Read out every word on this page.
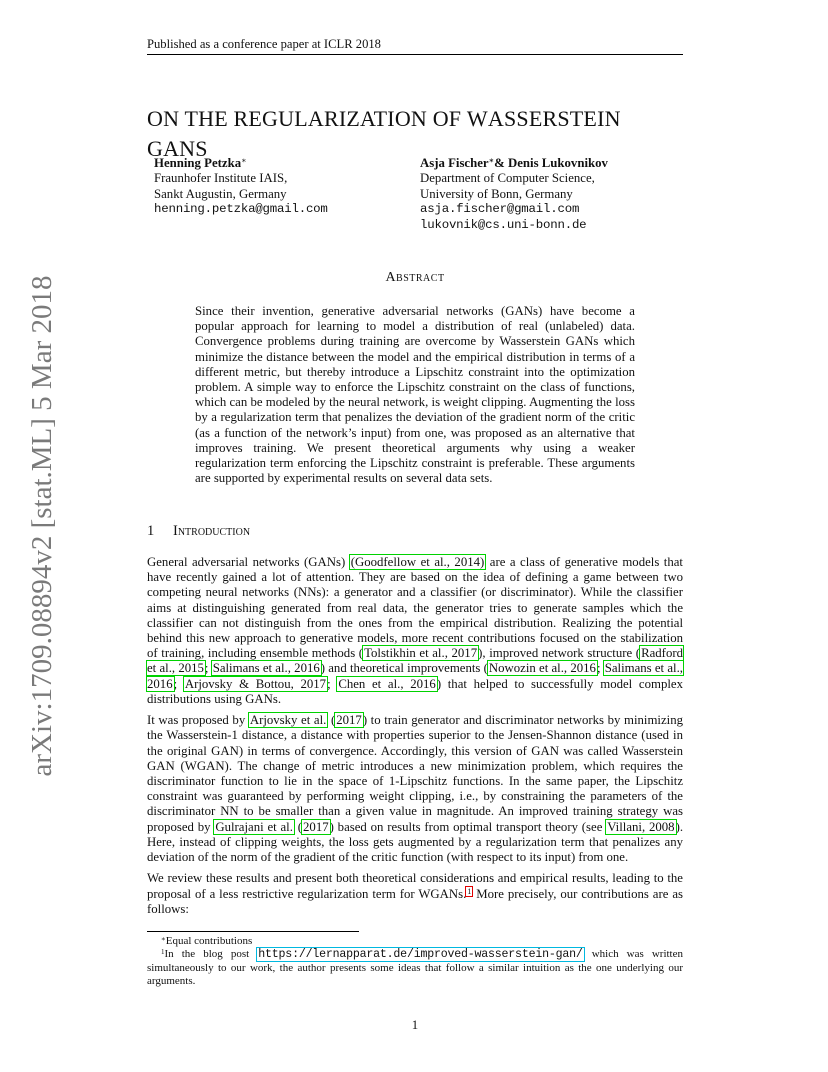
Published as a conference paper at ICLR 2018
arXiv:1709.08894v2 [stat.ML] 5 Mar 2018
ON THE REGULARIZATION OF WASSERSTEIN GANS
Henning Petzka∗
Fraunhofer Institute IAIS,
Sankt Augustin, Germany
henning.petzka@gmail.com
Asja Fischer∗& Denis Lukovnikov
Department of Computer Science,
University of Bonn, Germany
asja.fischer@gmail.com
lukovnik@cs.uni-bonn.de
Abstract
Since their invention, generative adversarial networks (GANs) have become a popular approach for learning to model a distribution of real (unlabeled) data. Convergence problems during training are overcome by Wasserstein GANs which minimize the distance between the model and the empirical distribution in terms of a different metric, but thereby introduce a Lipschitz constraint into the optimization problem. A simple way to enforce the Lipschitz constraint on the class of functions, which can be modeled by the neural network, is weight clipping. Augmenting the loss by a regularization term that penalizes the deviation of the gradient norm of the critic (as a function of the network’s input) from one, was proposed as an alternative that improves training. We present theoretical arguments why using a weaker regularization term enforcing the Lipschitz constraint is preferable. These arguments are supported by experimental results on several data sets.
1 Introduction

General adversarial networks (GANs) (Goodfellow et al., 2014) are a class of generative models that have recently gained a lot of attention. They are based on the idea of defining a game between two competing neural networks (NNs): a generator and a classifier (or discriminator). While the classifier aims at distinguishing generated from real data, the generator tries to generate samples which the classifier can not distinguish from the ones from the empirical distribution. Realizing the potential behind this new approach to generative models, more recent contributions focused on the stabilization of training, including ensemble methods (Tolstikhin et al., 2017), improved network structure (Radford et al., 2015; Salimans et al., 2016) and theoretical improvements (Nowozin et al., 2016; Salimans et al., 2016; Arjovsky & Bottou, 2017; Chen et al., 2016) that helped to successfully model complex distributions using GANs.

It was proposed by Arjovsky et al. (2017) to train generator and discriminator networks by minimizing the Wasserstein-1 distance, a distance with properties superior to the Jensen-Shannon distance (used in the original GAN) in terms of convergence. Accordingly, this version of GAN was called Wasserstein GAN (WGAN). The change of metric introduces a new minimization problem, which requires the discriminator function to lie in the space of 1-Lipschitz functions. In the same paper, the Lipschitz constraint was guaranteed by performing weight clipping, i.e., by constraining the parameters of the discriminator NN to be smaller than a given value in magnitude. An improved training strategy was proposed by Gulrajani et al. (2017) based on results from optimal transport theory (see Villani, 2008). Here, instead of clipping weights, the loss gets augmented by a regularization term that penalizes any deviation of the norm of the gradient of the critic function (with respect to its input) from one.

We review these results and present both theoretical considerations and empirical results, leading to the proposal of a less restrictive regularization term for WGANs.$^1$ More precisely, our contributions are as follows:

∗Equal contributions

$^1$In the blog post https://lernapparat.de/improved-wasserstein-gan/ which was written simultaneously to our work, the author presents some ideas that follow a similar intuition as the one underlying our arguments.

1
